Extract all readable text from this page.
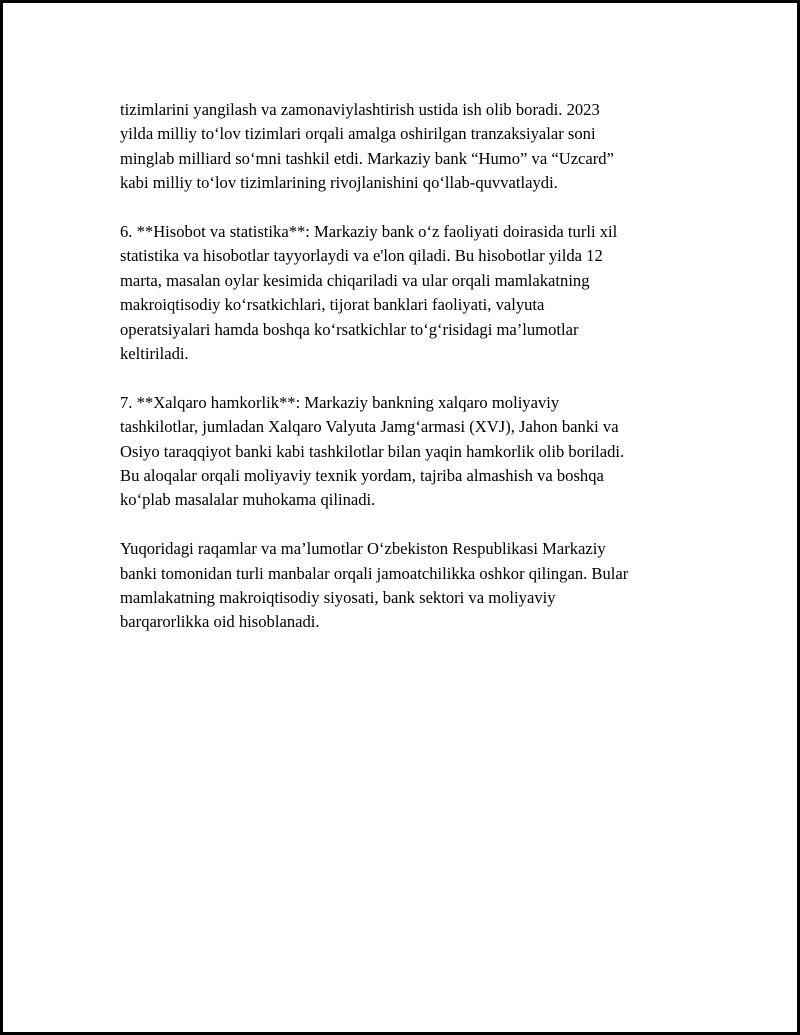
tizimlarini yangilash va zamonaviylashtirish ustida ish olib boradi. 2023
yilda milliy to‘lov tizimlari orqali amalga oshirilgan tranzaksiyalar soni
minglab milliard so‘mni tashkil etdi. Markaziy bank “Humo” va “Uzcard”
kabi milliy to‘lov tizimlarining rivojlanishini qo‘llab-quvvatlaydi.

6. **Hisobot va statistika**: Markaziy bank o‘z faoliyati doirasida turli xil
statistika va hisobotlar tayyorlaydi va e'lon qiladi. Bu hisobotlar yilda 12
marta, masalan oylar kesimida chiqariladi va ular orqali mamlakatning
makroiqtisodiy ko‘rsatkichlari, tijorat banklari faoliyati, valyuta
operatsiyalari hamda boshqa ko‘rsatkichlar to‘g‘risidagi ma’lumotlar
keltiriladi.

7. **Xalqaro hamkorlik**: Markaziy bankning xalqaro moliyaviy
tashkilotlar, jumladan Xalqaro Valyuta Jamg‘armasi (XVJ), Jahon banki va
Osiyo taraqqiyot banki kabi tashkilotlar bilan yaqin hamkorlik olib boriladi.
Bu aloqalar orqali moliyaviy texnik yordam, tajriba almashish va boshqa
ko‘plab masalalar muhokama qilinadi.

Yuqoridagi raqamlar va ma’lumotlar O‘zbekiston Respublikasi Markaziy
banki tomonidan turli manbalar orqali jamoatchilikka oshkor qilingan. Bular
mamlakatning makroiqtisodiy siyosati, bank sektori va moliyaviy
barqarorlikka oid hisoblanadi.
